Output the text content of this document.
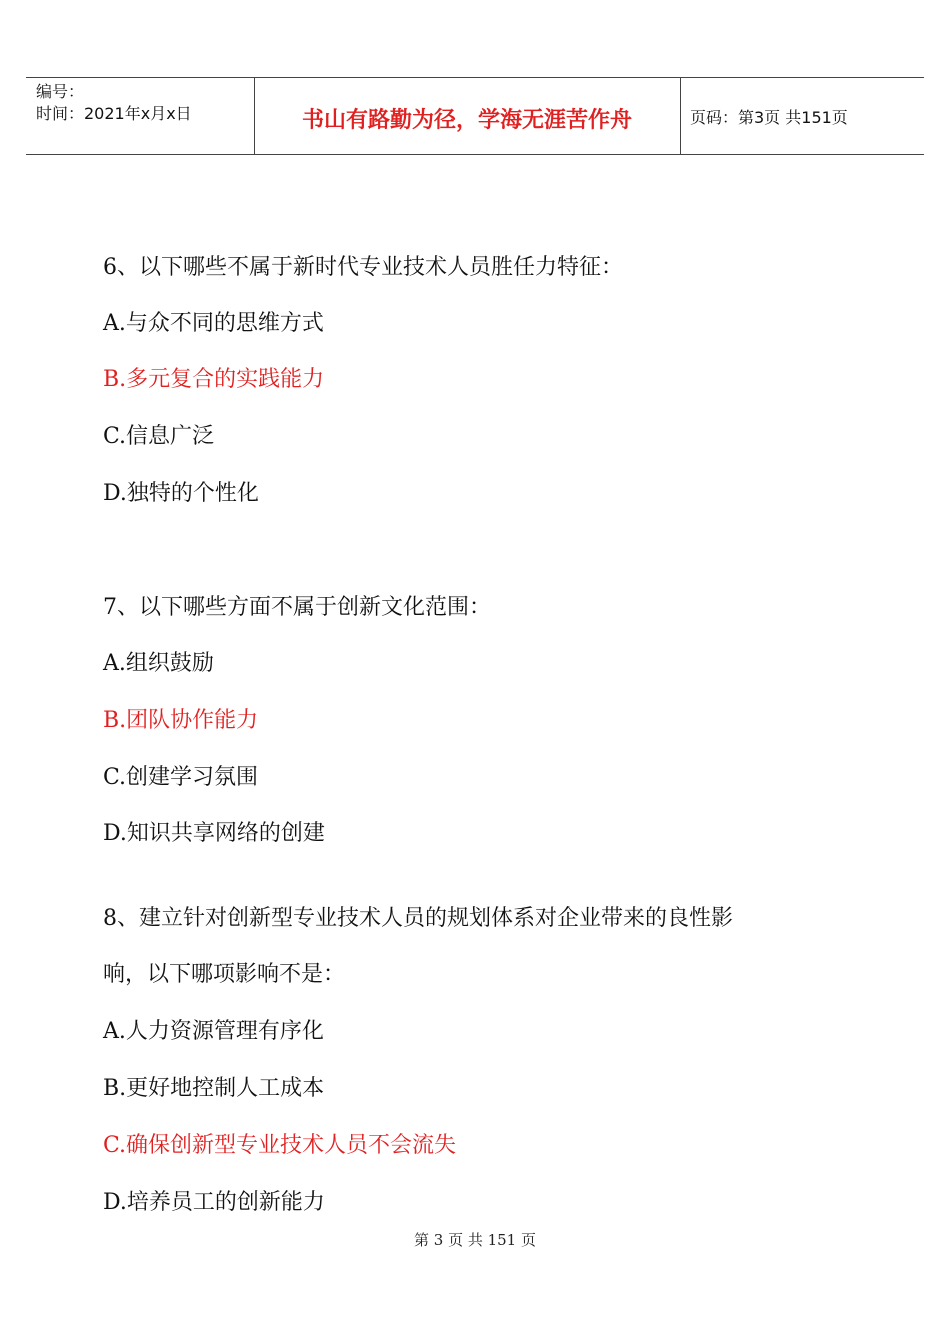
编号：
时间：2021年x月x日	书山有路勤为径，学海无涯苦作舟	页码：第3页 共151页
6、以下哪些不属于新时代专业技术人员胜任力特征：
A.与众不同的思维方式
B.多元复合的实践能力
C.信息广泛
D.独特的个性化
7、以下哪些方面不属于创新文化范围：
A.组织鼓励
B.团队协作能力
C.创建学习氛围
D.知识共享网络的创建
8、建立针对创新型专业技术人员的规划体系对企业带来的良性影
响，以下哪项影响不是：
A.人力资源管理有序化
B.更好地控制人工成本
C.确保创新型专业技术人员不会流失
D.培养员工的创新能力
第 3 页 共 151 页
